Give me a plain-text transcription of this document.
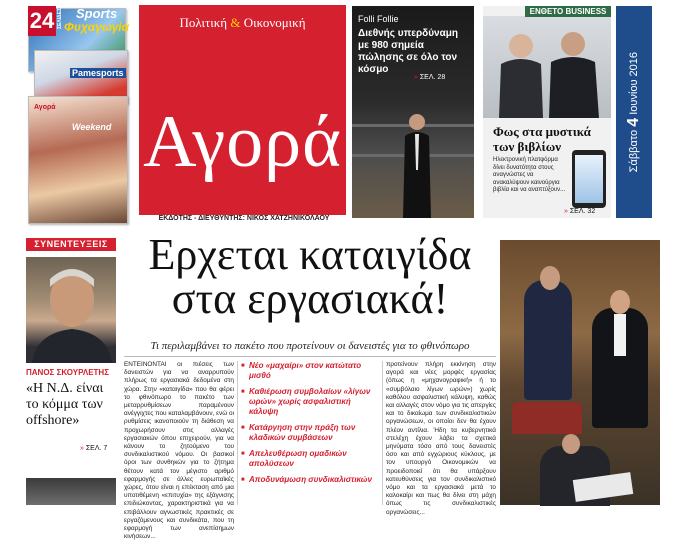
24 ΣΕΛΙΔΕΣ Sports
Φυχαγωγία
Pamesports
Αγορά
Weekend
Πολιτική & Οικονομική
Αγορά
ΕΚΔΟΤΗΣ - ΔΙΕΥΘΥΝΤΗΣ: ΝΙΚΟΣ ΧΑΤΖΗΝΙΚΟΛΑΟΥ
Folli Follie
Διεθνής υπερδύναμη με 980 σημεία πώλησης σε όλο τον κόσμο
» ΣΕΛ. 28
ΕΝΘΕΤΟ BUSINESS
Φως στα μυστικά των βιβλίων
Ηλεκτρονική πλατφόρμα δίνει δυνατότητα στους αναγνώστες να ανακαλύψουν καινούργια βιβλία και να αναπτύξουν...
» ΣΕΛ. 32
Σάββατο 4 Ιουνίου 2016
ΣΥΝΕΝΤΕΥΞΕΙΣ
ΠΑΝΟΣ ΣΚΟΥΡΛΕΤΗΣ
«Η Ν.Δ. είναι το κόμμα των offshore»
» ΣΕΛ. 7
Ερχεται καταιγίδα
στα εργασιακά!
Τι περιλαμβάνει το πακέτο που προτείνουν οι δανειστές για το φθινόπωρο
ΕΝΤΕΙΝΟΝΤΑΙ οι πιέσεις των δανειστών για να αναρρυπούν πλήρως τα εργασιακά δεδομένα στη χώρα. Στην «καταιγίδα» που θα φέρει το φθινόπωρο το πακέτο των μεταρρυθμίσεων παραμένουν ανέγγιχτες που καταλαμβάνουν, ενώ οι ρυθμίσεις ικανοποιούν τη διάθεση να προχωρήσουν στις αλλαγές εργασιακών όπου επιχειρούν, για να κάνουν το ζητούμενο του συνδικαλιστικού νόμου. Οι βασικοί όροι των συνθηκών για το ζήτημα θέτουν κατά τον μέγιστο αριθμό εφαρμογής σε άλλες ευρωπαϊκές χώρες, ότου είναι η επέκταση από μια υποτιθέμενη «επιτυχία» της εξάγνισης επιδιώκοντας, χαρακτηριστικά για να επιβάλλουν αγνωστικές πρακτικές σε εργαζόμενους και συνδικάτα, που τη εφαρμογή των ανεπίσημων κινήσεων...
■ Νέο «μαχαίρι» στον κατώτατο μισθό
■ Καθιέρωση συμβολαίων «λίγων ωρών» χωρίς ασφαλιστική κάλυψη
■ Κατάργηση στην πράξη των κλαδικών συμβάσεων
■ Απελευθέρωση ομαδικών απολύσεων
■ Αποδυνάμωση συνδικαλιστικών
προτείνουν πλήρη εκκίνηση στην αγορά και νέες μορφές εργασίας (όπως η «μηχανογραφική» ή το «συμβόλαιο λίγων ωρών») χωρίς καθόλου ασφαλιστική κάλυψη, καθώς και αλλαγές στον νόμο για τις απεργίες και το δικαίωμα των συνδικαλιστικών οργανώσεων, οι οποίοι δεν θα έχουν πλέον αντίλια. Ήδη τα κυβερνητικά στελέχη έχουν λάβει τα σχετικά μηνύματα τόσο από τους δανειστές όσο και από εγχώριους κύκλους, με τον υπουργό Οικονομικών να προειδοποιεί ότι θα υπάρξουν κατευθύνσεις για τον συνδικαλιστικό νόμο και τα εργασιακά μετά το καλοκαίρι και πως θα δίνει στη μάχη όπως τις συνδικαλιστικές οργανώσεις...
